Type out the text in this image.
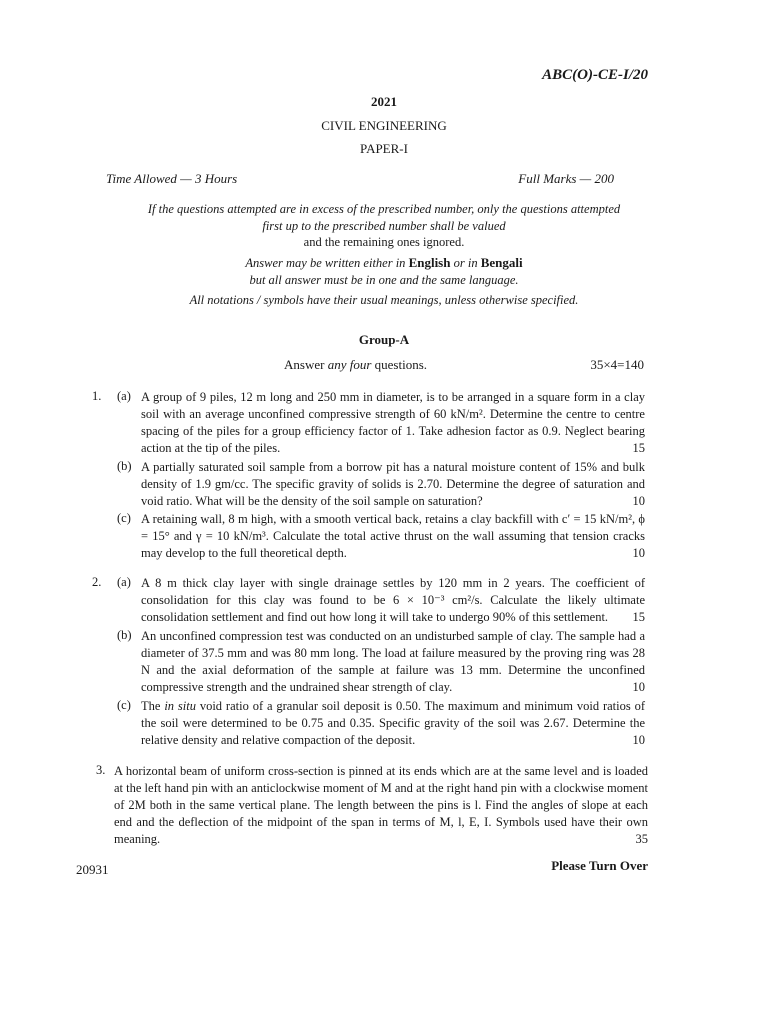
ABC(O)-CE-I/20
2021
CIVIL ENGINEERING
PAPER-I
Time Allowed — 3 Hours	Full Marks — 200
If the questions attempted are in excess of the prescribed number, only the questions attempted
first up to the prescribed number shall be valued
and the remaining ones ignored.
Answer may be written either in English or in Bengali
but all answer must be in one and the same language.
All notations / symbols have their usual meanings, unless otherwise specified.
Group-A
Answer any four questions.	35×4=140
1. (a) A group of 9 piles, 12 m long and 250 mm in diameter, is to be arranged in a square form in a clay soil with an average unconfined compressive strength of 60 kN/m². Determine the centre to centre spacing of the piles for a group efficiency factor of 1. Take adhesion factor as 0.9. Neglect bearing action at the tip of the piles.	15
(b) A partially saturated soil sample from a borrow pit has a natural moisture content of 15% and bulk density of 1.9 gm/cc. The specific gravity of solids is 2.70. Determine the degree of saturation and void ratio. What will be the density of the soil sample on saturation?	10
(c) A retaining wall, 8 m high, with a smooth vertical back, retains a clay backfill with c′ = 15 kN/m², ϕ = 15° and γ = 10 kN/m³. Calculate the total active thrust on the wall assuming that tension cracks may develop to the full theoretical depth.	10
2. (a) A 8 m thick clay layer with single drainage settles by 120 mm in 2 years. The coefficient of consolidation for this clay was found to be 6 × 10⁻³ cm²/s. Calculate the likely ultimate consolidation settlement and find out how long it will take to undergo 90% of this settlement. 15
(b) An unconfined compression test was conducted on an undisturbed sample of clay. The sample had a diameter of 37.5 mm and was 80 mm long. The load at failure measured by the proving ring was 28 N and the axial deformation of the sample at failure was 13 mm. Determine the unconfined compressive strength and the undrained shear strength of clay.	10
(c) The in situ void ratio of a granular soil deposit is 0.50. The maximum and minimum void ratios of the soil were determined to be 0.75 and 0.35. Specific gravity of the soil was 2.67. Determine the relative density and relative compaction of the deposit.	10
3. A horizontal beam of uniform cross-section is pinned at its ends which are at the same level and is loaded at the left hand pin with an anticlockwise moment of M and at the right hand pin with a clockwise moment of 2M both in the same vertical plane. The length between the pins is l. Find the angles of slope at each end and the deflection of the midpoint of the span in terms of M, l, E, I. Symbols used have their own meaning.	35
20931	Please Turn Over
